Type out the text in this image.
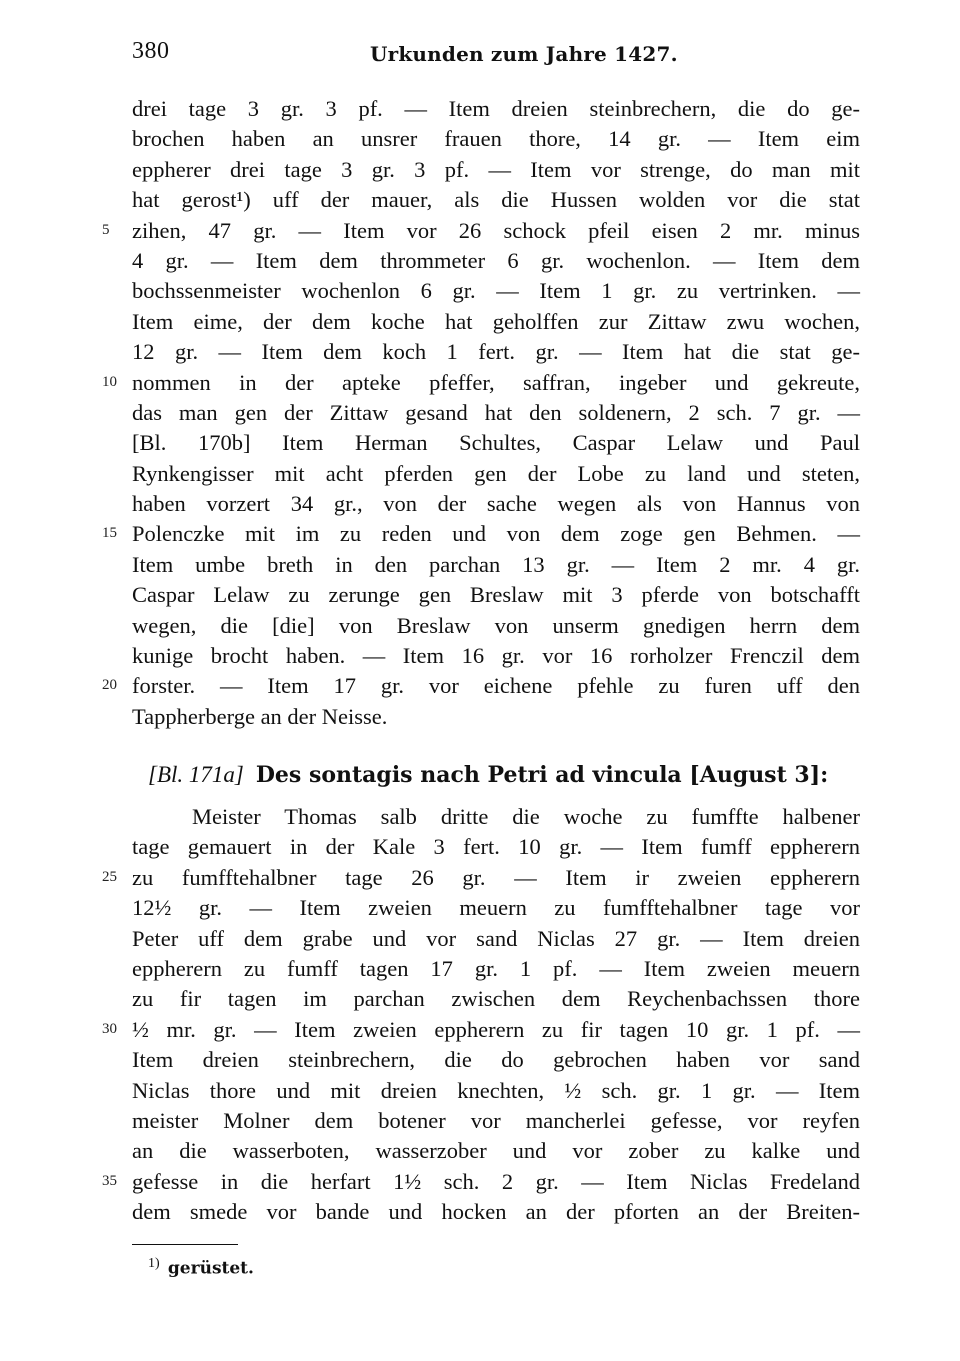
380	Urkunden zum Jahre 1427.
drei tage 3 gr. 3 pf. — Item dreien steinbrechern, die do ge-
brochen haben an unsrer frauen thore, 14 gr. — Item eim
eppherer drei tage 3 gr. 3 pf. — Item vor strenge, do man mit
hat gerost¹) uff der mauer, als die Hussen wolden vor die stat
5	zihen, 47 gr. — Item vor 26 schock pfeil eisen 2 mr. minus
4 gr. — Item dem thrommeter 6 gr. wochenlon. — Item dem
bochssenmeister wochenlon 6 gr. — Item 1 gr. zu vertrinken. —
Item eime, der dem koche hat geholffen zur Zittaw zwu wochen,
12 gr. — Item dem koch 1 fert. gr. — Item hat die stat ge-
10 nommen in der apteke pfeffer, saffran, ingeber und gekreute,
das man gen der Zittaw gesand hat den soldenern, 2 sch. 7 gr. —
[Bl. 170b] Item Herman Schultes, Caspar Lelaw und Paul
Rynkengisser mit acht pferden gen der Lobe zu land und steten,
haben vorzert 34 gr., von der sache wegen als von Hannus von
15 Polenczke mit im zu reden und von dem zoge gen Behmen. —
Item umbe breth in den parchan 13 gr. — Item 2 mr. 4 gr.
Caspar Lelaw zu zerunge gen Breslaw mit 3 pferde von botschafft
wegen, die [die] von Breslaw von unserm gnedigen herrn dem
kunige brocht haben. — Item 16 gr. vor 16 rorholzer Frenczil dem
20 forster. — Item 17 gr. vor eichene pfehle zu furen uff den
Tappherberge an der Neisse.
[Bl. 171a] Des sontagis nach Petri ad vincula [August 3]:
Meister Thomas salb dritte die woche zu fumffte halbener
tage gemauert in der Kale 3 fert. 10 gr. — Item fumff eppherern
25 zu fumfftehalbner tage 26 gr. — Item ir zweien eppherern
12½ gr. — Item zweien meuern zu fumfftehalbner tage vor
Peter uff dem grabe und vor sand Niclas 27 gr. — Item dreien
eppherern zu fumff tagen 17 gr. 1 pf. — Item zweien meuern
zu fir tagen im parchan zwischen dem Reychenbachssen thore
30 ½ mr. gr. — Item zweien eppherern zu fir tagen 10 gr. 1 pf. —
Item dreien steinbrechern, die do gebrochen haben vor sand
Niclas thore und mit dreien knechten, ½ sch. gr. 1 gr. — Item
meister Molner dem botener vor mancherlei gefesse, vor reyfen
an die wasserboten, wasserzober und vor zober zu kalke und
35 gefesse in die herfart 1½ sch. 2 gr. — Item Niclas Fredeland
dem smede vor bande und hocken an der pforten an der Breiten-
$^{1)}$ gerüstet.
